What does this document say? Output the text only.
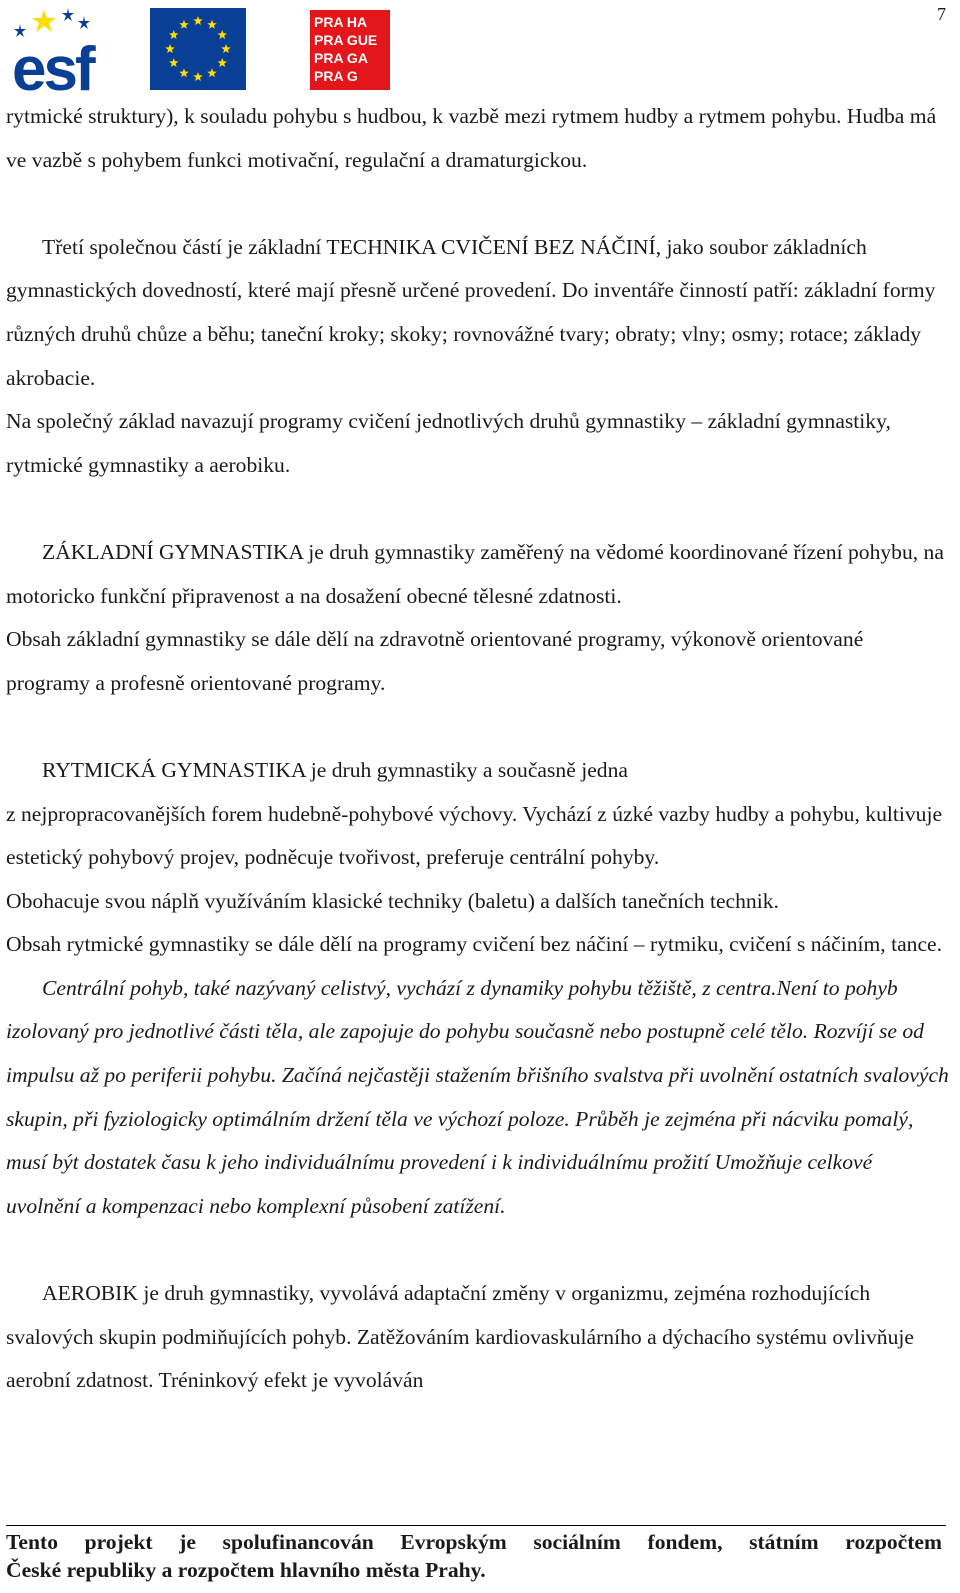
7
esf
PRA HA
PRA GUE
PRA GA
PRA G

rytmické struktury), k souladu pohybu s hudbou, k vazbě mezi rytmem hudby a rytmem pohybu. Hudba má ve vazbě s pohybem funkci motivační, regulační a dramaturgickou.

Třetí společnou částí je základní TECHNIKA CVIČENÍ BEZ NÁČINÍ, jako soubor základních gymnastických dovedností, které mají přesně určené provedení. Do inventáře činností patří: základní formy různých druhů chůze a běhu; taneční kroky; skoky; rovnovážné tvary; obraty; vlny; osmy; rotace; základy akrobacie.

Na společný základ navazují programy cvičení jednotlivých druhů gymnastiky – základní gymnastiky, rytmické gymnastiky a aerobiku.

ZÁKLADNÍ GYMNASTIKA je druh gymnastiky zaměřený na vědomé koordinované řízení pohybu, na motoricko funkční připravenost a na dosažení obecné tělesné zdatnosti.

Obsah základní gymnastiky se dále dělí na zdravotně orientované programy, výkonově orientované programy a profesně orientované programy.

RYTMICKÁ GYMNASTIKA je druh gymnastiky a současně jedna

z nejpropracovanějších forem hudebně-pohybové výchovy. Vychází z úzké vazby hudby a pohybu, kultivuje estetický pohybový projev, podněcuje tvořivost, preferuje centrální pohyby.

Obohacuje svou náplň využíváním klasické techniky (baletu) a dalších tanečních technik.

Obsah rytmické gymnastiky se dále dělí na programy cvičení bez náčiní – rytmiku, cvičení s náčiním, tance.

Centrální pohyb, také nazývaný celistvý, vychází z dynamiky pohybu těžiště, z centra.Není to pohyb izolovaný pro jednotlivé části těla, ale zapojuje do pohybu současně nebo postupně celé tělo. Rozvíjí se od impulsu až po periferii pohybu. Začíná nejčastěji stažením břišního svalstva při uvolnění ostatních svalových skupin, při fyziologicky optimálním držení těla ve výchozí poloze. Průběh je zejména při nácviku pomalý, musí být dostatek času k jeho individuálnímu provedení i k individuálnímu prožití Umožňuje celkové uvolnění a kompenzaci nebo komplexní působení zatížení.

AEROBIK je druh gymnastiky, vyvolává adaptační změny v organizmu, zejména rozhodujících svalových skupin podmiňujících pohyb. Zatěžováním kardiovaskulárního a dýchacího systému ovlivňuje aerobní zdatnost. Tréninkový efekt je vyvoláván

Tento projekt je spolufinancován Evropským sociálním fondem, státním rozpočtem
České republiky a rozpočtem hlavního města Prahy.
